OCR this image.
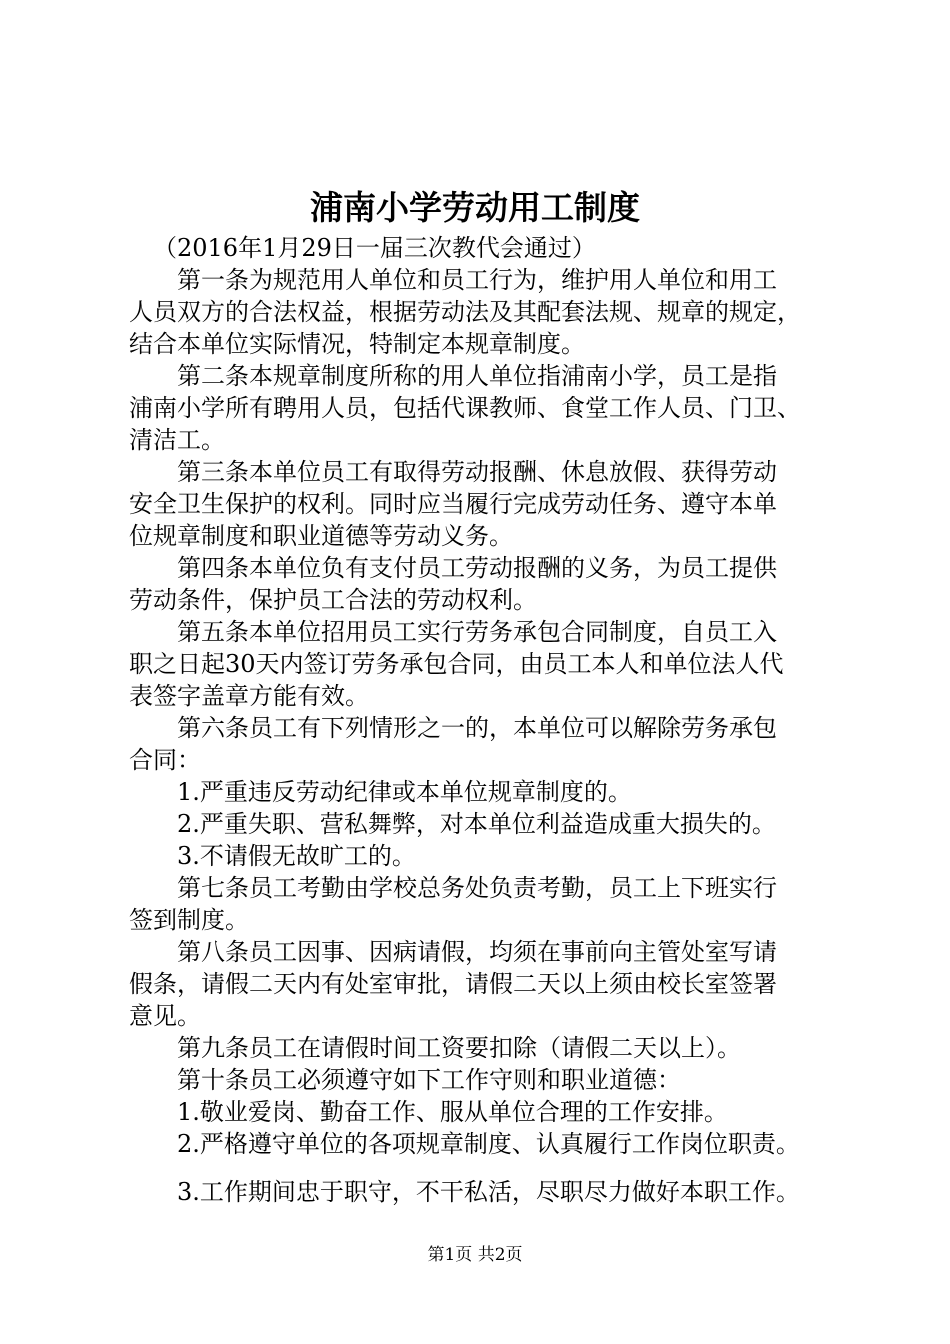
浦南小学劳动用工制度
（2016年1月29日一届三次教代会通过）
第一条为规范用人单位和员工行为，维护用人单位和用工
人员双方的合法权益，根据劳动法及其配套法规、规章的规定，
结合本单位实际情况，特制定本规章制度。
第二条本规章制度所称的用人单位指浦南小学，员工是指
浦南小学所有聘用人员，包括代课教师、食堂工作人员、门卫、
清洁工。
第三条本单位员工有取得劳动报酬、休息放假、获得劳动
安全卫生保护的权利。同时应当履行完成劳动任务、遵守本单
位规章制度和职业道德等劳动义务。
第四条本单位负有支付员工劳动报酬的义务，为员工提供
劳动条件，保护员工合法的劳动权利。
第五条本单位招用员工实行劳务承包合同制度，自员工入
职之日起30天内签订劳务承包合同，由员工本人和单位法人代
表签字盖章方能有效。
第六条员工有下列情形之一的，本单位可以解除劳务承包
合同：
1.严重违反劳动纪律或本单位规章制度的。
2.严重失职、营私舞弊，对本单位利益造成重大损失的。
3.不请假无故旷工的。
第七条员工考勤由学校总务处负责考勤，员工上下班实行
签到制度。
第八条员工因事、因病请假，均须在事前向主管处室写请
假条，请假二天内有处室审批，请假二天以上须由校长室签署
意见。
第九条员工在请假时间工资要扣除（请假二天以上）。
第十条员工必须遵守如下工作守则和职业道德：
1.敬业爱岗、勤奋工作、服从单位合理的工作安排。
2.严格遵守单位的各项规章制度、认真履行工作岗位职责。
3.工作期间忠于职守，不干私活，尽职尽力做好本职工作。
第1页 共2页
